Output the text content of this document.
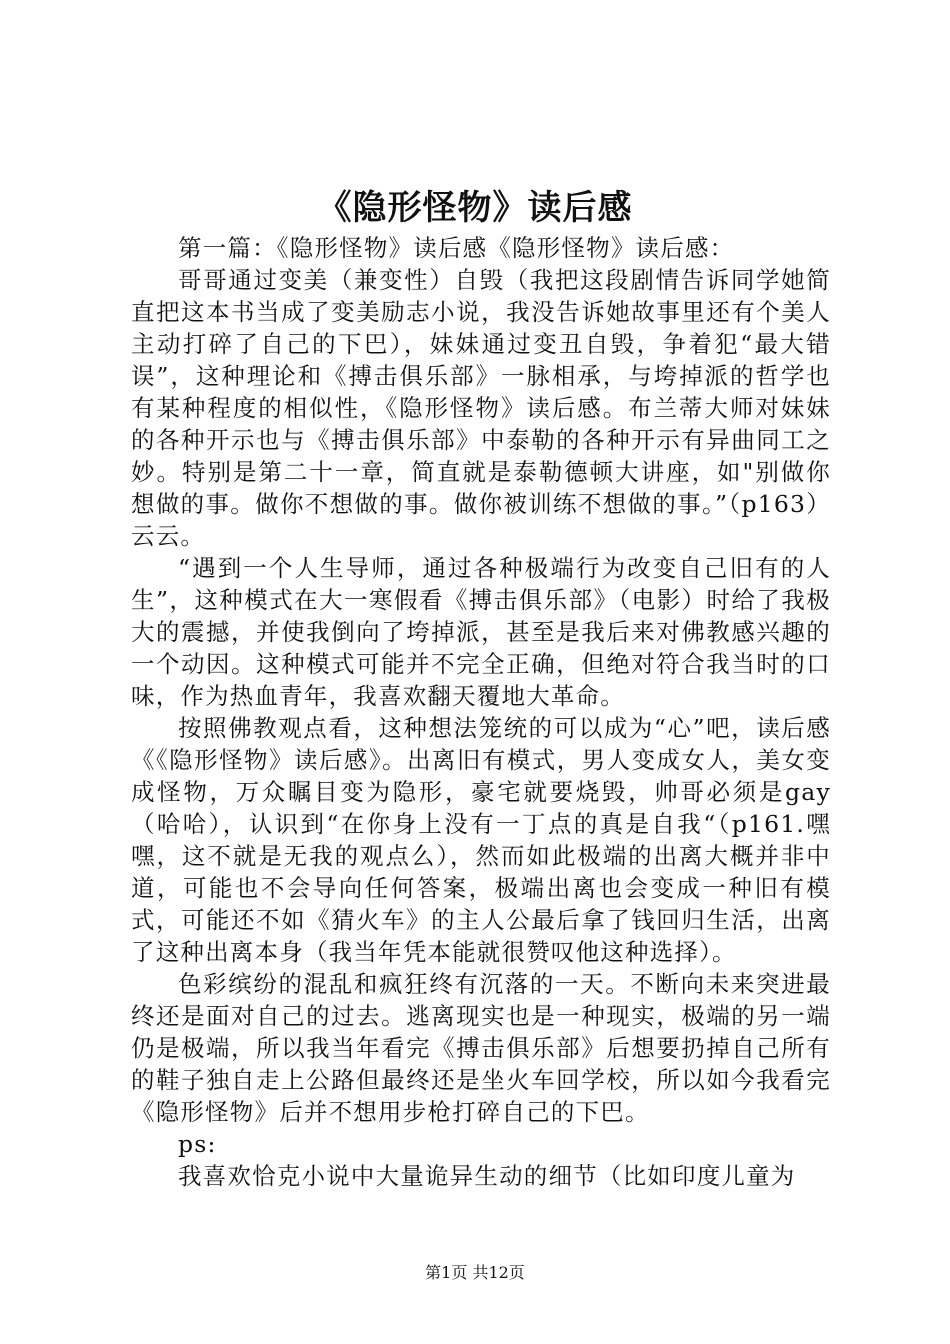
《隐形怪物》读后感

第一篇：《隐形怪物》读后感《隐形怪物》读后感：

哥哥通过变美（兼变性）自毁（我把这段剧情告诉同学她简直把这本书当成了变美励志小说，我没告诉她故事里还有个美人主动打碎了自己的下巴），妹妹通过变丑自毁，争着犯“最大错误”，这种理论和《搏击俱乐部》一脉相承，与垮掉派的哲学也有某种程度的相似性，《隐形怪物》读后感。布兰蒂大师对妹妹的各种开示也与《搏击俱乐部》中泰勒的各种开示有异曲同工之妙。特别是第二十一章，简直就是泰勒德顿大讲座，如"别做你想做的事。做你不想做的事。做你被训练不想做的事。”（p163）云云。

“遇到一个人生导师，通过各种极端行为改变自己旧有的人生”，这种模式在大一寒假看《搏击俱乐部》（电影）时给了我极大的震撼，并使我倒向了垮掉派，甚至是我后来对佛教感兴趣的一个动因。这种模式可能并不完全正确，但绝对符合我当时的口味，作为热血青年，我喜欢翻天覆地大革命。

按照佛教观点看，这种想法笼统的可以成为“心”吧，读后感《《隐形怪物》读后感》。出离旧有模式，男人变成女人，美女变成怪物，万众瞩目变为隐形，豪宅就要烧毁，帅哥必须是gay（哈哈），认识到“在你身上没有一丁点的真是自我“（p161.嘿嘿，这不就是无我的观点么），然而如此极端的出离大概并非中道，可能也不会导向任何答案，极端出离也会变成一种旧有模式，可能还不如《猜火车》的主人公最后拿了钱回归生活，出离了这种出离本身（我当年凭本能就很赞叹他这种选择）。

色彩缤纷的混乱和疯狂终有沉落的一天。不断向未来突进最终还是面对自己的过去。逃离现实也是一种现实，极端的另一端仍是极端，所以我当年看完《搏击俱乐部》后想要扔掉自己所有的鞋子独自走上公路但最终还是坐火车回学校，所以如今我看完《隐形怪物》后并不想用步枪打碎自己的下巴。

ps:

我喜欢恰克小说中大量诡异生动的细节（比如印度儿童为

第1页 共12页
